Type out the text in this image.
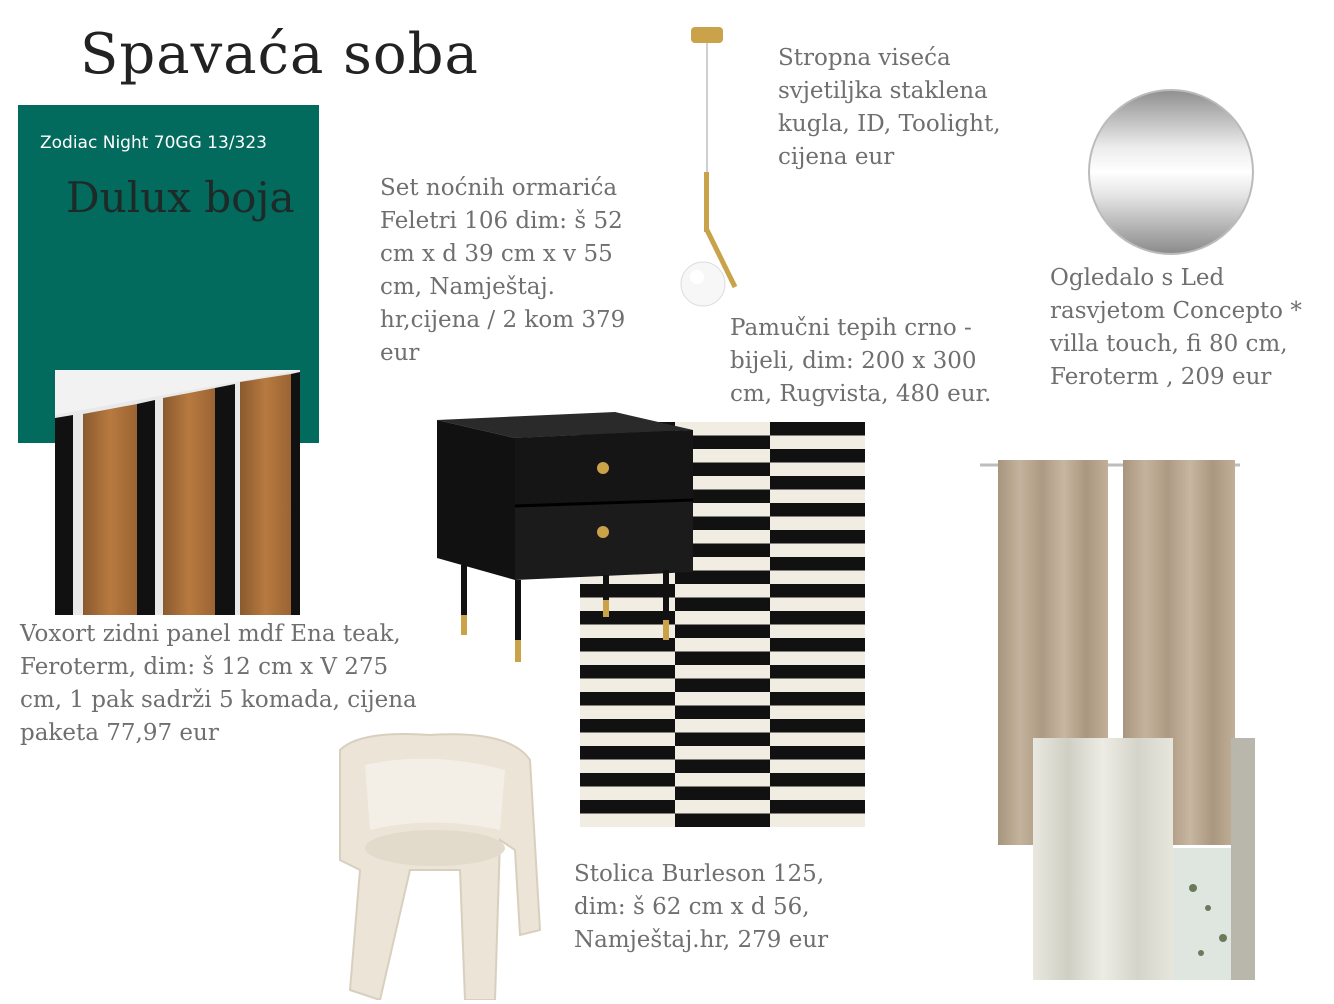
Spavaća soba
Zodiac Night 70GG 13/323
Dulux boja
Voxort zidni panel mdf Ena teak,
Feroterm, dim: š 12 cm x V 275
cm, 1 pak sadrži 5 komada, cijena
paketa 77,97 eur
Set noćnih ormarića
Feletri 106 dim: š 52
cm x d 39 cm x v 55
cm, Namještaj.
hr,cijena / 2 kom 379
eur
Stropna viseća
svjetiljka staklena
kugla, ID, Toolight,
cijena eur
Ogledalo s Led
rasvjetom Concepto *
villa touch, fi 80 cm,
Feroterm , 209 eur
Pamučni tepih crno -
bijeli, dim: 200 x 300
cm, Rugvista, 480 eur.
Stolica Burleson 125,
dim: š 62 cm x d 56,
Namještaj.hr, 279 eur
